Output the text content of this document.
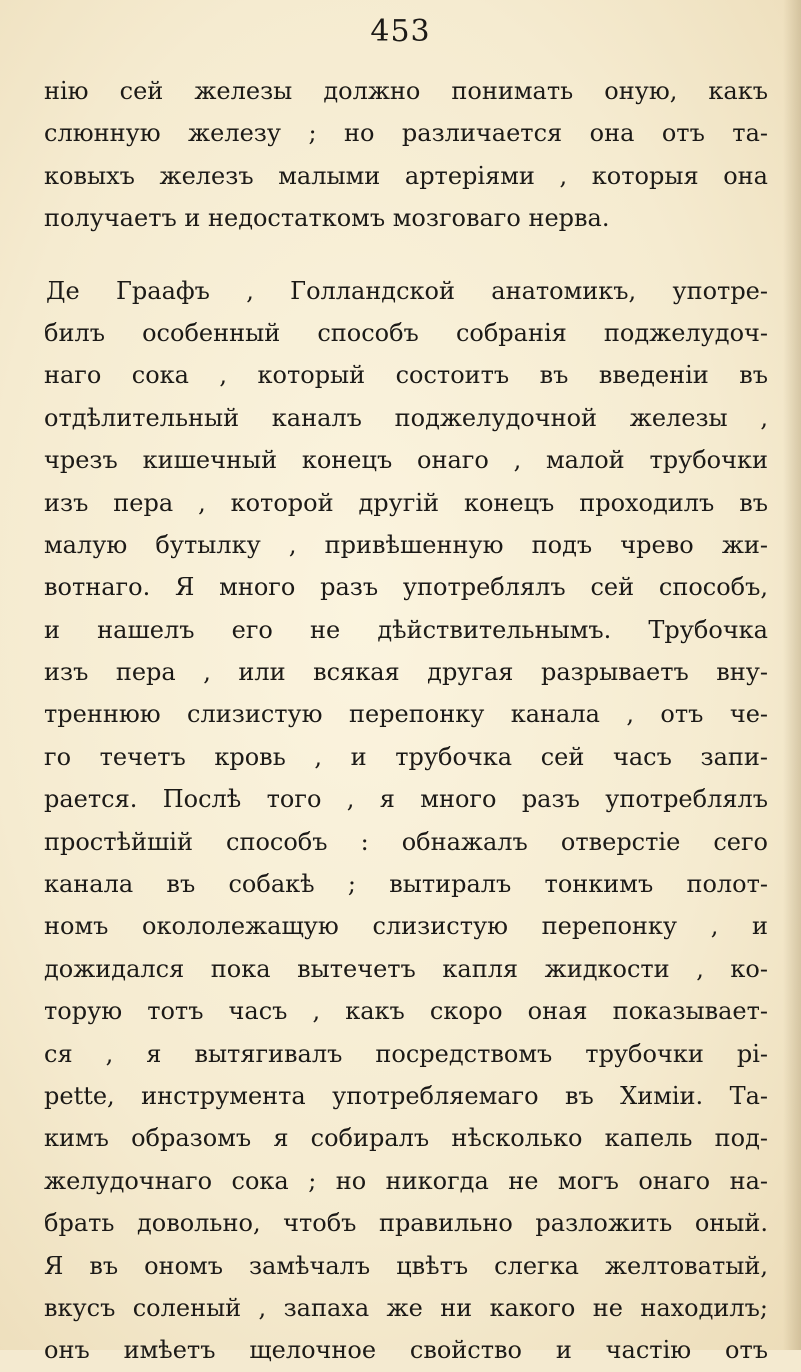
453
нію сей железы должно понимать оную, какъ
слюнную железу ; но различается она отъ та-
ковыхъ железъ малыми артеріями , которыя она
получаетъ и недостаткомъ мозговаго нерва.
Де Граафъ , Голландской анатомикъ, употре-
билъ особенный способъ собранія поджелудоч-
наго сока , который состоитъ въ введеніи въ
отдѣлительный каналъ поджелудочной железы ,
чрезъ кишечный конецъ онаго , малой трубочки
изъ пера , которой другій конецъ проходилъ въ
малую бутылку , привѣшенную подъ чрево жи-
вотнаго. Я много разъ употреблялъ сей способъ,
и нашелъ его не дѣйствительнымъ. Трубочка
изъ пера , или всякая другая разрываетъ вну-
треннюю слизистую перепонку канала , отъ че-
го течетъ кровь , и трубочка сей часъ запи-
рается. Послѣ того , я много разъ употреблялъ
простѣйшій способъ : обнажалъ отверстіе сего
канала въ собакѣ ; вытиралъ тонкимъ полот-
номъ окололежащую слизистую перепонку , и
дожидался пока вытечетъ капля жидкости , ко-
торую тотъ часъ , какъ скоро оная показывает-
ся , я вытягивалъ посредствомъ трубочки pi-
pette, инструмента употребляемаго въ Химіи. Та-
кимъ образомъ я собиралъ нѣсколько капель под-
желудочнаго сока ; но никогда не могъ онаго на-
брать довольно, чтобъ правильно разложить оный.
Я въ ономъ замѣчалъ цвѣтъ слегка желтоватый,
вкусъ соленый , запаха же ни какого не находилъ;
онъ имѣетъ щелочное свойство и частію отъ
